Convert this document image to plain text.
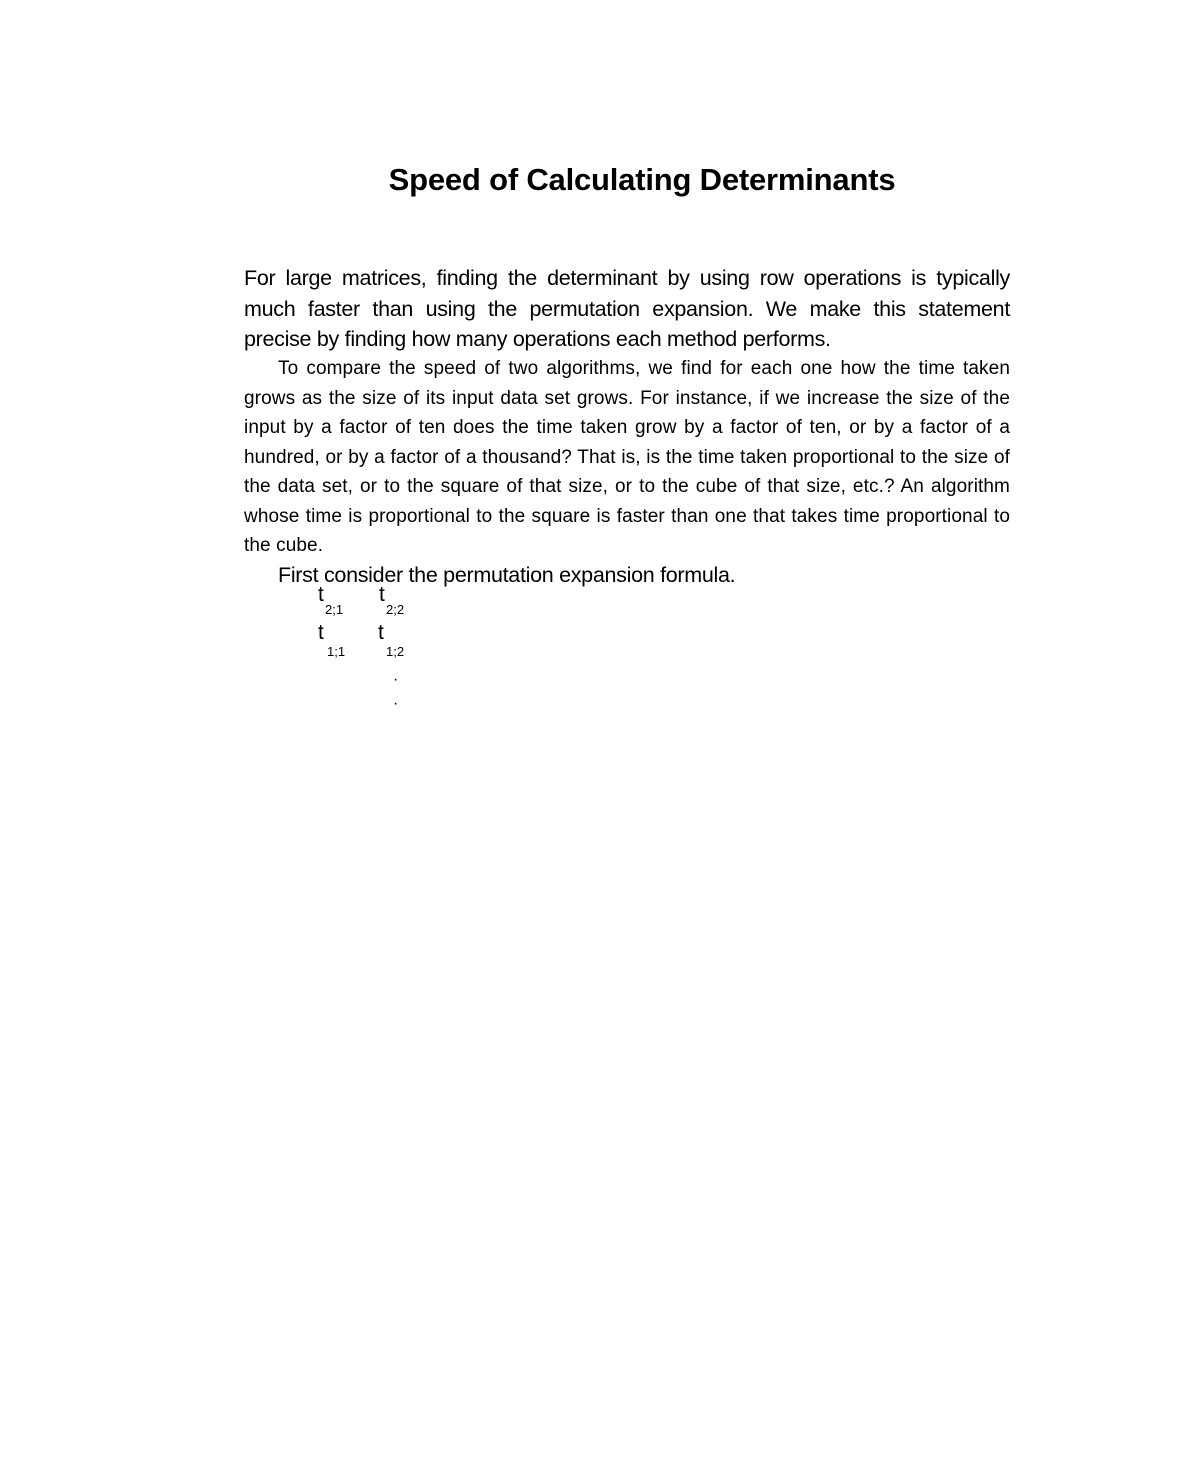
Speed of Calculating Determinants

For large matrices, finding the determinant by using row operations is typically much faster than using the permutation expansion. We make this statement precise by finding how many operations each method performs.

To compare the speed of two algorithms, we find for each one how the time taken grows as the size of its input data set grows. For instance, if we increase the size of the input by a factor of ten does the time taken grow by a factor of ten, or by a factor of a hundred, or by a factor of a thousand? That is, is the time taken proportional to the size of the data set, or to the square of that size, or to the cube of that size, etc.? An algorithm whose time is proportional to the square is faster than one that takes time proportional to the cube.

First consider the permutation expansion formula.

t
2;1
t
2;2
t
1;1
t
1;2
·
·
